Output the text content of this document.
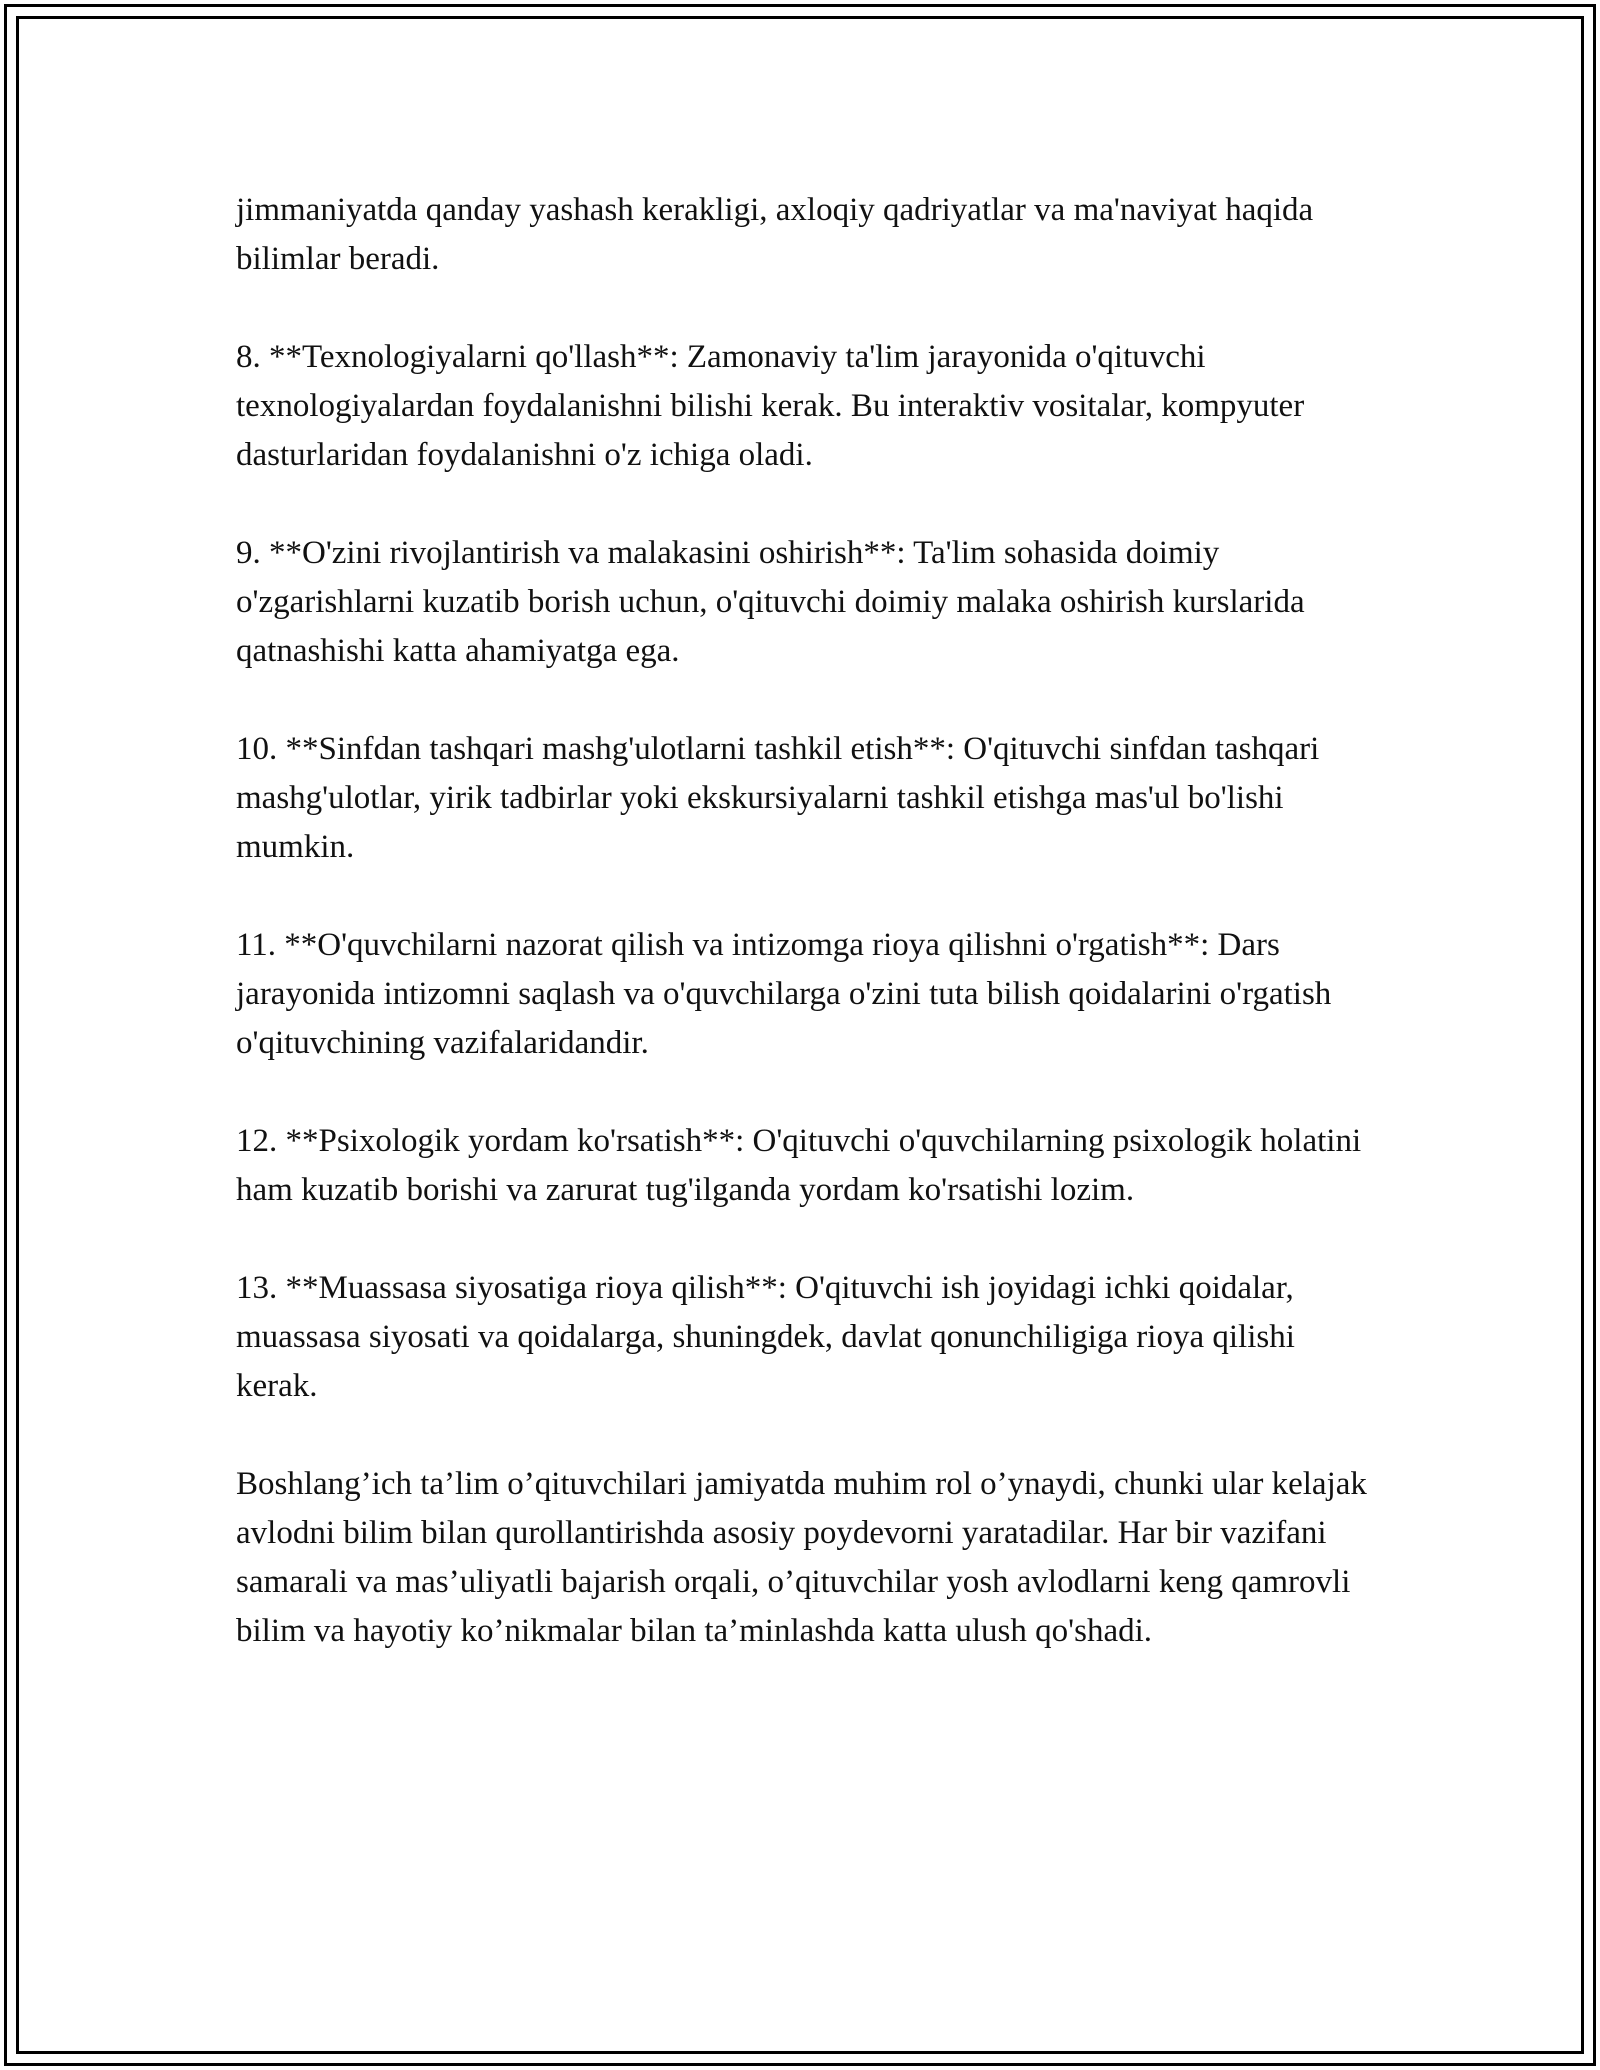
jimmaniyatda qanday yashash kerakligi, axloqiy qadriyatlar va ma'naviyat haqida bilimlar beradi.

8. **Texnologiyalarni qo'llash**: Zamonaviy ta'lim jarayonida o'qituvchi texnologiyalardan foydalanishni bilishi kerak. Bu interaktiv vositalar, kompyuter dasturlaridan foydalanishni o'z ichiga oladi.

9. **O'zini rivojlantirish va malakasini oshirish**: Ta'lim sohasida doimiy o'zgarishlarni kuzatib borish uchun, o'qituvchi doimiy malaka oshirish kurslarida qatnashishi katta ahamiyatga ega.

10. **Sinfdan tashqari mashg'ulotlarni tashkil etish**: O'qituvchi sinfdan tashqari mashg'ulotlar, yirik tadbirlar yoki ekskursiyalarni tashkil etishga mas'ul bo'lishi mumkin.

11. **O'quvchilarni nazorat qilish va intizomga rioya qilishni o'rgatish**: Dars jarayonida intizomni saqlash va o'quvchilarga o'zini tuta bilish qoidalarini o'rgatish o'qituvchining vazifalaridandir.

12. **Psixologik yordam ko'rsatish**: O'qituvchi o'quvchilarning psixologik holatini ham kuzatib borishi va zarurat tug'ilganda yordam ko'rsatishi lozim.

13. **Muassasa siyosatiga rioya qilish**: O'qituvchi ish joyidagi ichki qoidalar, muassasa siyosati va qoidalarga, shuningdek, davlat qonunchiligiga rioya qilishi kerak.

Boshlang’ich ta’lim o’qituvchilari jamiyatda muhim rol o’ynaydi, chunki ular kelajak avlodni bilim bilan qurollantirishda asosiy poydevorni yaratadilar. Har bir vazifani samarali va mas’uliyatli bajarish orqali, o’qituvchilar yosh avlodlarni keng qamrovli bilim va hayotiy ko’nikmalar bilan ta’minlashda katta ulush qo'shadi.
